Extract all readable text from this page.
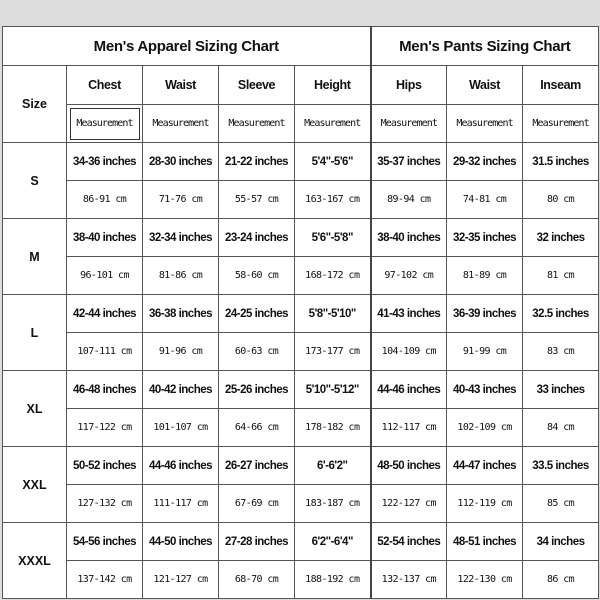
Men's Apparel Sizing Chart					Men's Pants Sizing Chart		
Size	Chest	Waist	Sleeve	Height	Hips	Waist	Inseam
	Measurement	Measurement	Measurement	Measurement	Measurement	Measurement	Measurement
S	34-36 inches	28-30 inches	21-22 inches	5'4"-5'6"	35-37 inches	29-32 inches	31.5 inches
	86-91 cm	71-76 cm	55-57 cm	163-167 cm	89-94 cm	74-81 cm	80 cm
M	38-40 inches	32-34 inches	23-24 inches	5'6"-5'8"	38-40 inches	32-35 inches	32 inches
	96-101 cm	81-86 cm	58-60 cm	168-172 cm	97-102 cm	81-89 cm	81 cm
L	42-44 inches	36-38 inches	24-25 inches	5'8"-5'10"	41-43 inches	36-39 inches	32.5 inches
	107-111 cm	91-96 cm	60-63 cm	173-177 cm	104-109 cm	91-99 cm	83 cm
XL	46-48 inches	40-42 inches	25-26 inches	5'10"-5'12"	44-46 inches	40-43 inches	33 inches
	117-122 cm	101-107 cm	64-66 cm	178-182 cm	112-117 cm	102-109 cm	84 cm
XXL	50-52 inches	44-46 inches	26-27 inches	6'-6'2"	48-50 inches	44-47 inches	33.5 inches
	127-132 cm	111-117 cm	67-69 cm	183-187 cm	122-127 cm	112-119 cm	85 cm
XXXL	54-56 inches	44-50 inches	27-28 inches	6'2"-6'4"	52-54 inches	48-51 inches	34 inches
	137-142 cm	121-127 cm	68-70 cm	188-192 cm	132-137 cm	122-130 cm	86 cm
